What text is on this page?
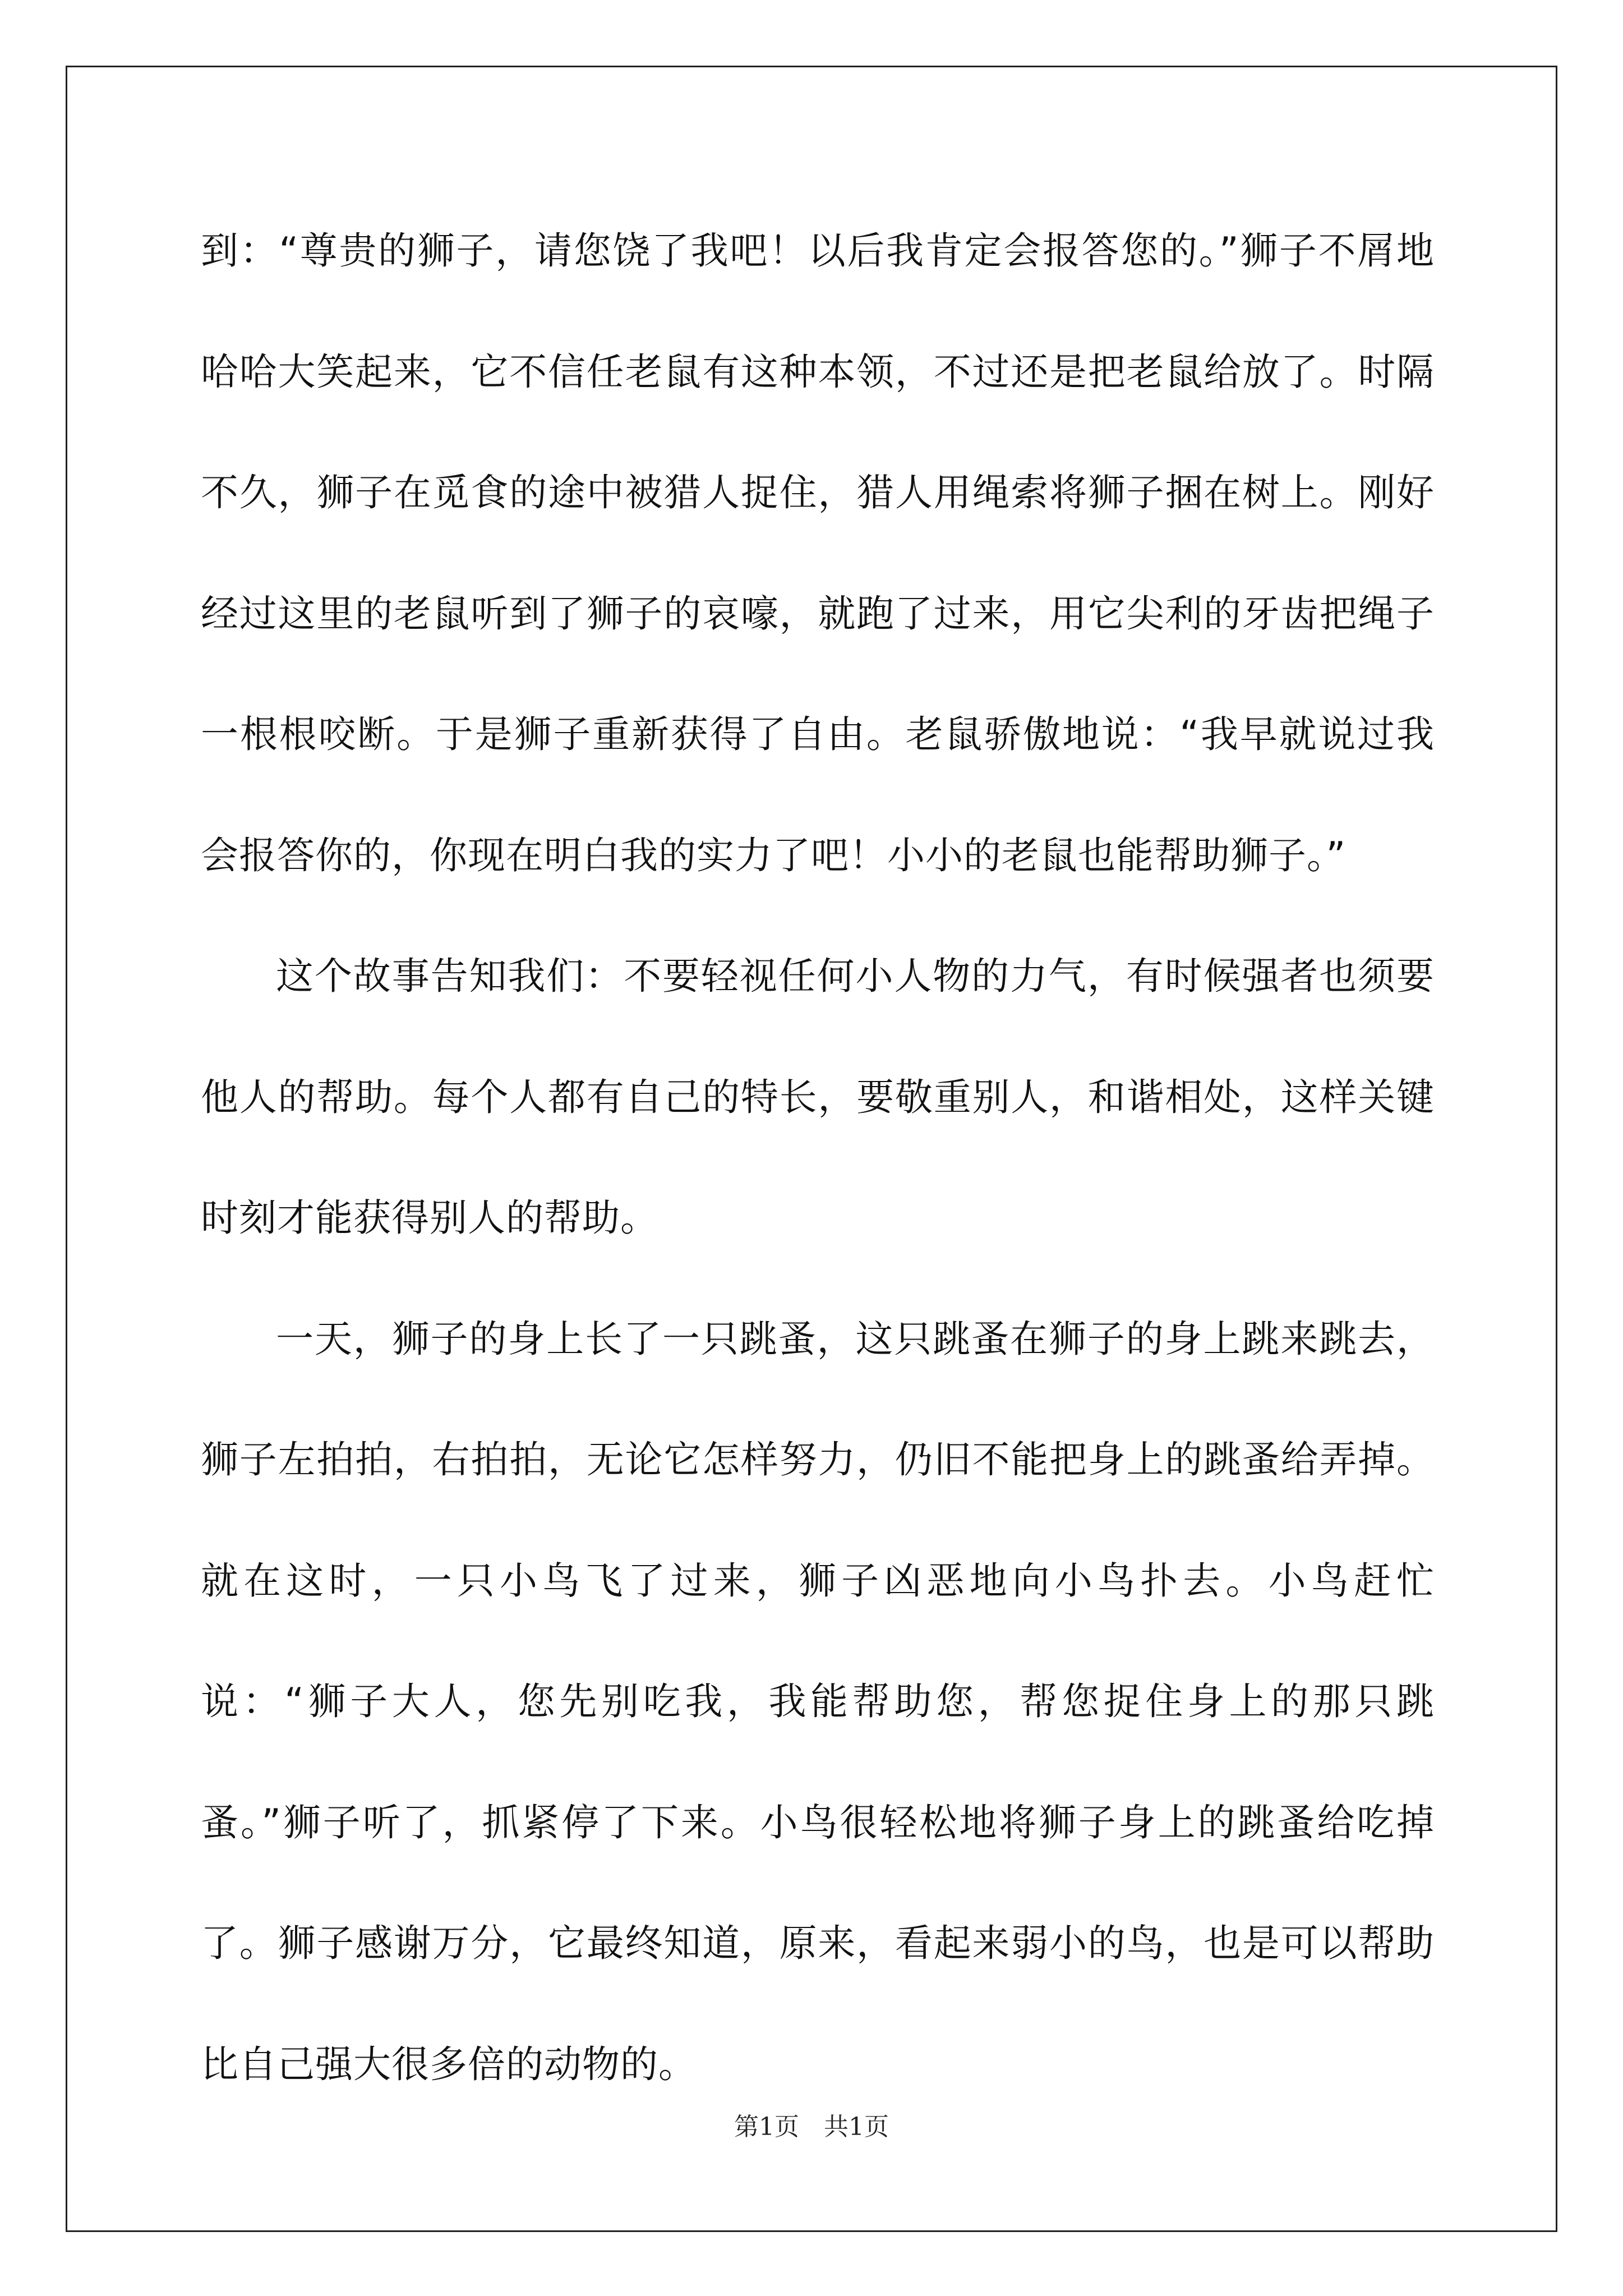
到：“尊贵的狮子，请您饶了我吧！以后我肯定会报答您的。”狮子不屑地哈哈大笑起来，它不信任老鼠有这种本领，不过还是把老鼠给放了。时隔不久，狮子在觅食的途中被猎人捉住，猎人用绳索将狮子捆在树上。刚好经过这里的老鼠听到了狮子的哀嚎，就跑了过来，用它尖利的牙齿把绳子一根根咬断。于是狮子重新获得了自由。老鼠骄傲地说：“我早就说过我会报答你的，你现在明白我的实力了吧！小小的老鼠也能帮助狮子。”

这个故事告知我们：不要轻视任何小人物的力气，有时候强者也须要他人的帮助。每个人都有自己的特长，要敬重别人，和谐相处，这样关键时刻才能获得别人的帮助。

一天，狮子的身上长了一只跳蚤，这只跳蚤在狮子的身上跳来跳去，狮子左拍拍，右拍拍，无论它怎样努力，仍旧不能把身上的跳蚤给弄掉。就在这时，一只小鸟飞了过来，狮子凶恶地向小鸟扑去。小鸟赶忙说：“狮子大人，您先别吃我，我能帮助您，帮您捉住身上的那只跳蚤。”狮子听了，抓紧停了下来。小鸟很轻松地将狮子身上的跳蚤给吃掉了。狮子感谢万分，它最终知道，原来，看起来弱小的鸟，也是可以帮助比自己强大很多倍的动物的。

第1页　共1页
